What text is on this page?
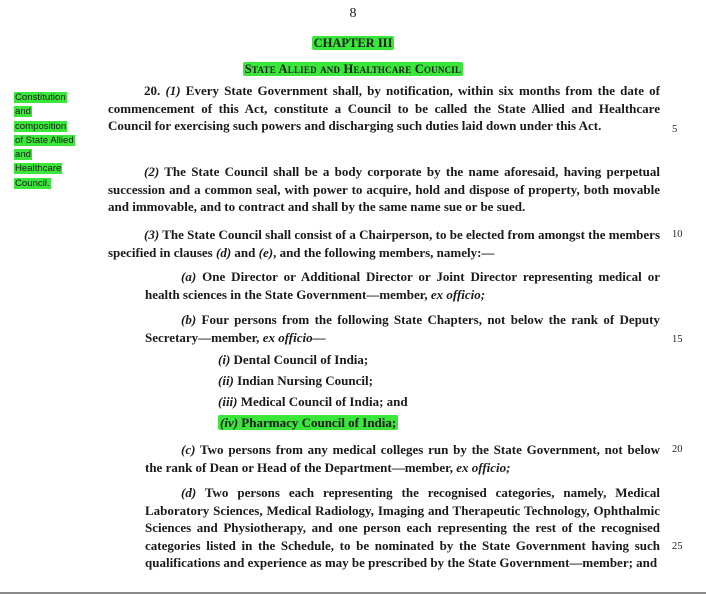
8
CHAPTER III
State Allied and Healthcare Council
Constitution
and
composition
of State Allied
and
Healthcare
Council.
20. (1) Every State Government shall, by notification, within six months from the date of commencement of this Act, constitute a Council to be called the State Allied and Healthcare Council for exercising such powers and discharging such duties laid down under this Act.
(2) The State Council shall be a body corporate by the name aforesaid, having perpetual succession and a common seal, with power to acquire, hold and dispose of property, both movable and immovable, and to contract and shall by the same name sue or be sued.
(3) The State Council shall consist of a Chairperson, to be elected from amongst the members specified in clauses (d) and (e), and the following members, namely:—
(a) One Director or Additional Director or Joint Director representing medical or health sciences in the State Government—member, ex officio;
(b) Four persons from the following State Chapters, not below the rank of Deputy Secretary—member, ex officio—
(i) Dental Council of India;
(ii) Indian Nursing Council;
(iii) Medical Council of India; and
(iv) Pharmacy Council of India;
(c) Two persons from any medical colleges run by the State Government, not below the rank of Dean or Head of the Department—member, ex officio;
(d) Two persons each representing the recognised categories, namely, Medical Laboratory Sciences, Medical Radiology, Imaging and Therapeutic Technology, Ophthalmic Sciences and Physiotherapy, and one person each representing the rest of the recognised categories listed in the Schedule, to be nominated by the State Government having such qualifications and experience as may be prescribed by the State Government—member; and
5
10
15
20
25
